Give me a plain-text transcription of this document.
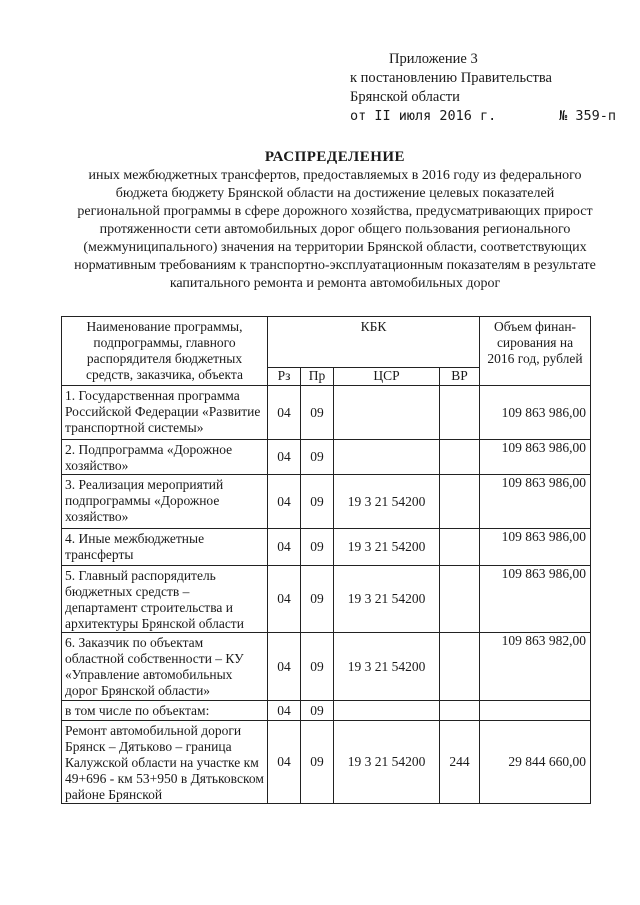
Приложение 3
к постановлению Правительства
Брянской области
от II июля 2016 г.	№ 359-п
РАСПРЕДЕЛЕНИЕ
иных межбюджетных трансфертов, предоставляемых в 2016 году из федерального бюджета бюджету Брянской области на достижение целевых показателей региональной программы в сфере дорожного хозяйства, предусматривающих прирост протяженности сети автомобильных дорог общего пользования регионального (межмуниципального) значения на территории Брянской области, соответствующих нормативным требованиям к транспортно-эксплуатационным показателям в результате капитального ремонта и ремонта автомобильных дорог
Наименование программы, подпрограммы, главного распорядителя бюджетных средств, заказчика, объекта	КБК				Объем финан-сирования на 2016 год, рублей
	Рз	Пр	ЦСР	ВР	
1. Государственная программа Российской Федерации «Развитие транспортной системы»	04	09			109 863 986,00
2. Подпрограмма «Дорожное хозяйство»	04	09			109 863 986,00
3. Реализация мероприятий подпрограммы «Дорожное хозяйство»	04	09	19 3 21 54200		109 863 986,00
4. Иные межбюджетные трансферты	04	09	19 3 21 54200		109 863 986,00
5. Главный распорядитель бюджетных средств – департамент строительства и архитектуры Брянской области	04	09	19 3 21 54200		109 863 986,00
6. Заказчик по объектам областной собственности – КУ «Управление автомобильных дорог Брянской области»	04	09	19 3 21 54200		109 863 982,00
в том числе по объектам:	04	09			
Ремонт автомобильной дороги Брянск – Дятьково – граница Калужской области на участке км 49+696 - км 53+950 в Дятьковском районе Брянской	04	09	19 3 21 54200	244	29 844 660,00
